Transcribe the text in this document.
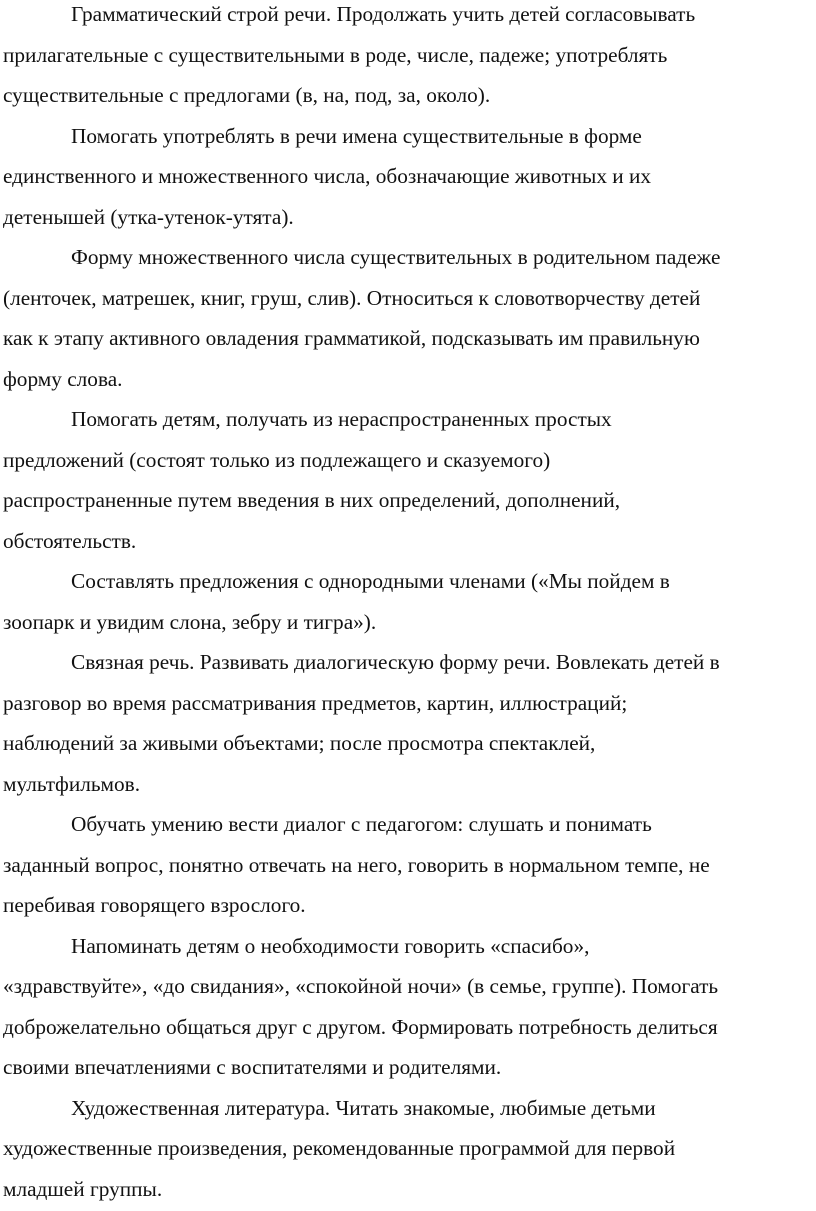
Грамматический строй речи. Продолжать учить детей согласовывать
прилагательные с существительными в роде, числе, падеже; употреблять
существительные с предлогами (в, на, под, за, около).

Помогать употреблять в речи имена существительные в форме
единственного и множественного числа, обозначающие животных и их
детенышей (утка-утенок-утята).

Форму множественного числа существительных в родительном падеже
(ленточек, матрешек, книг, груш, слив). Относиться к словотворчеству детей
как к этапу активного овладения грамматикой, подсказывать им правильную
форму слова.

Помогать детям, получать из нераспространенных простых
предложений (состоят только из подлежащего и сказуемого)
распространенные путем введения в них определений, дополнений,
обстоятельств.

Составлять предложения с однородными членами («Мы пойдем в
зоопарк и увидим слона, зебру и тигра»).

Связная речь. Развивать диалогическую форму речи. Вовлекать детей в
разговор во время рассматривания предметов, картин, иллюстраций;
наблюдений за живыми объектами; после просмотра спектаклей,
мультфильмов.

Обучать умению вести диалог с педагогом: слушать и понимать
заданный вопрос, понятно отвечать на него, говорить в нормальном темпе, не
перебивая говорящего взрослого.

Напоминать детям о необходимости говорить «спасибо»,
«здравствуйте», «до свидания», «спокойной ночи» (в семье, группе). Помогать
доброжелательно общаться друг с другом. Формировать потребность делиться
своими впечатлениями с воспитателями и родителями.

Художественная литература. Читать знакомые, любимые детьми
художественные произведения, рекомендованные программой для первой
младшей группы.
